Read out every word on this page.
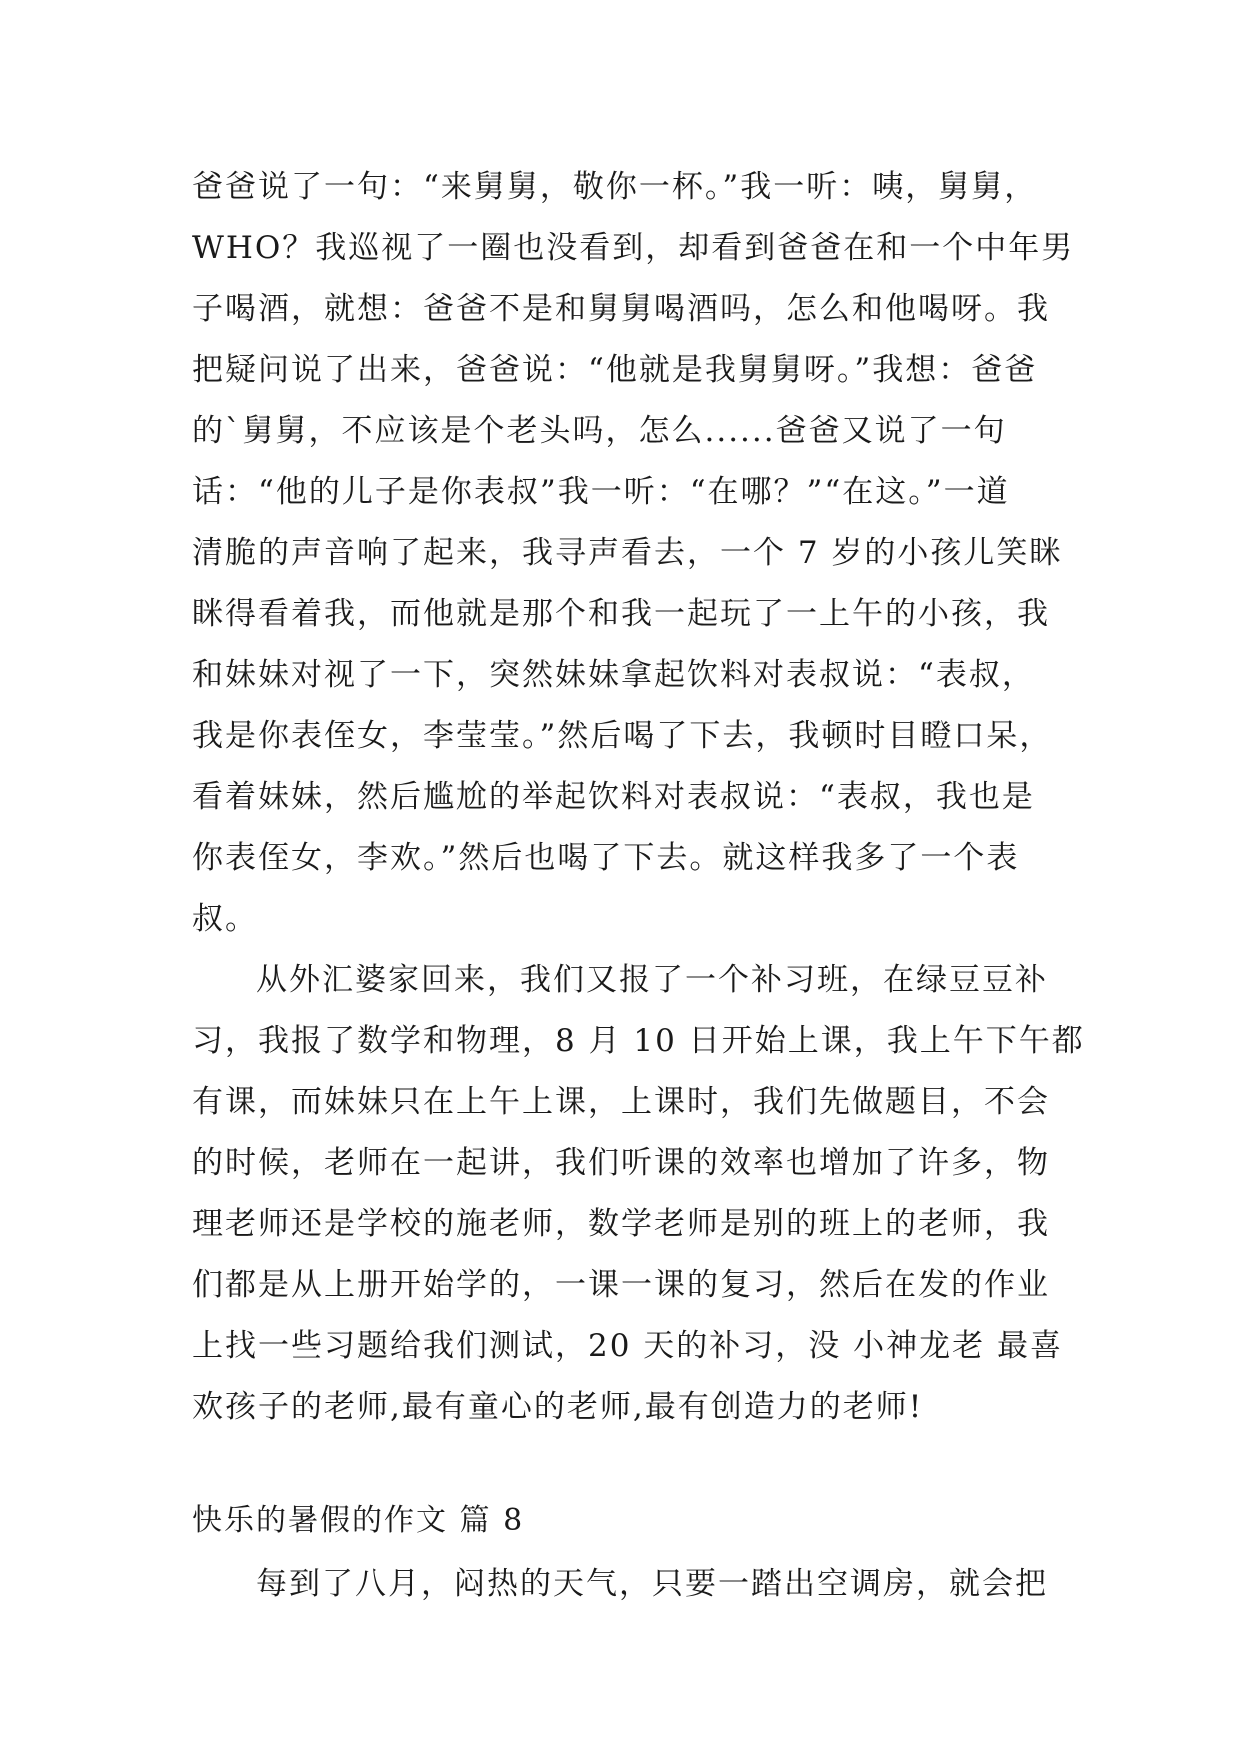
爸爸说了一句：“来舅舅，敬你一杯。”我一听：咦，舅舅，
WHO？我巡视了一圈也没看到，却看到爸爸在和一个中年男
子喝酒，就想：爸爸不是和舅舅喝酒吗，怎么和他喝呀。我
把疑问说了出来，爸爸说：“他就是我舅舅呀。”我想：爸爸
的`舅舅，不应该是个老头吗，怎么......爸爸又说了一句
话：“他的儿子是你表叔”我一听：“在哪？”“在这。”一道
清脆的声音响了起来，我寻声看去，一个 7 岁的小孩儿笑眯
眯得看着我，而他就是那个和我一起玩了一上午的小孩，我
和妹妹对视了一下，突然妹妹拿起饮料对表叔说：“表叔，
我是你表侄女，李莹莹。”然后喝了下去，我顿时目瞪口呆，
看着妹妹，然后尴尬的举起饮料对表叔说：“表叔，我也是
你表侄女，李欢。”然后也喝了下去。就这样我多了一个表
叔。
从外汇婆家回来，我们又报了一个补习班，在绿豆豆补
习，我报了数学和物理，8 月 10 日开始上课，我上午下午都
有课，而妹妹只在上午上课，上课时，我们先做题目，不会
的时候，老师在一起讲，我们听课的效率也增加了许多，物
理老师还是学校的施老师，数学老师是别的班上的老师，我
们都是从上册开始学的，一课一课的复习，然后在发的作业
上找一些习题给我们测试，20 天的补习，没 小神龙老 最喜
欢孩子的老师,最有童心的老师,最有创造力的老师!
快乐的暑假的作文 篇 8
每到了八月，闷热的天气，只要一踏出空调房，就会把
